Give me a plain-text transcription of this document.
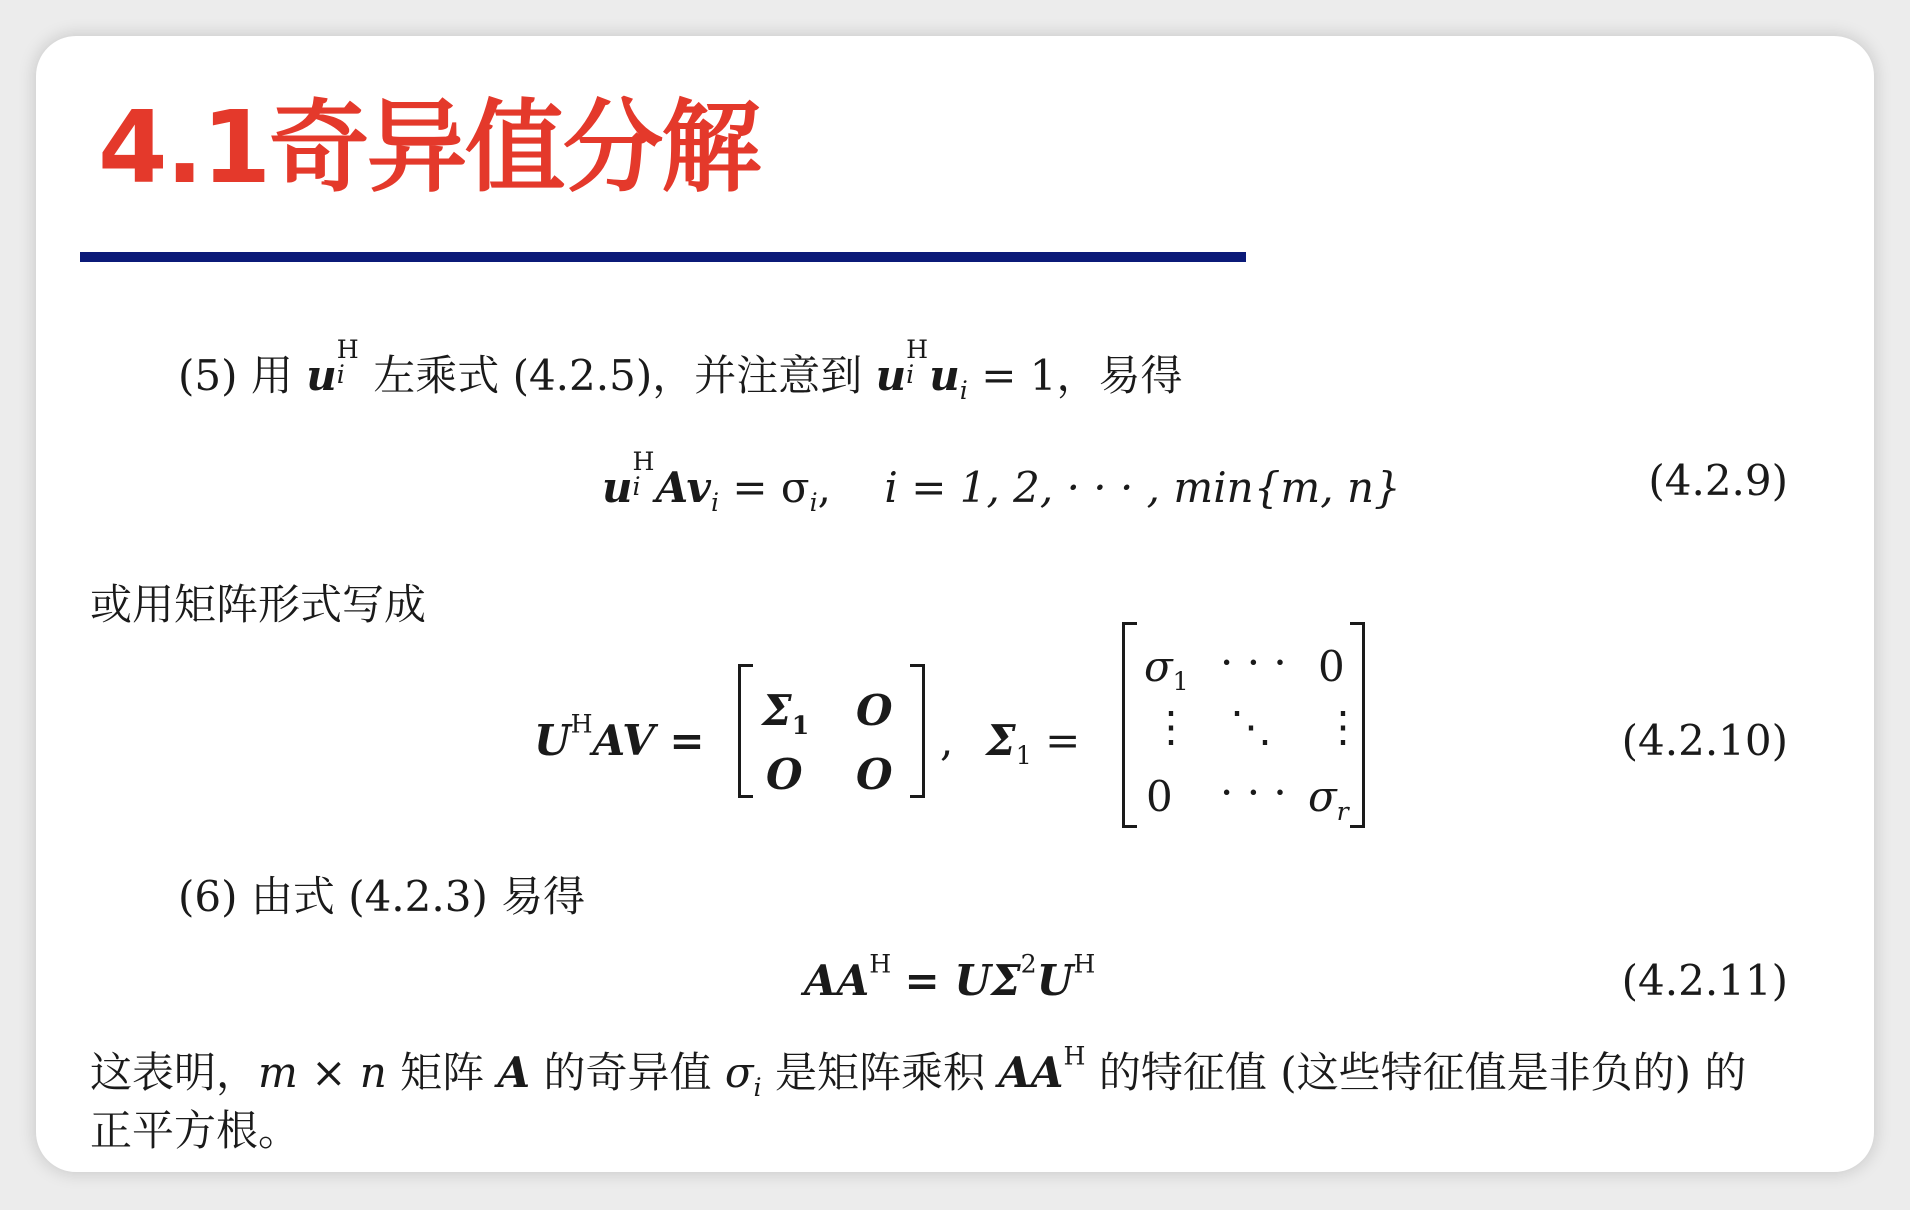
4.1奇异值分解
(5) 用 u
H
i 左乘式 (4.2.5)，并注意到 u
H
i $u_i = 1$，易得
u
H
i $Av_i = \sigma_i$,    i = 1, 2, · · · , min{m, n}	(4.2.9)
或用矩阵形式写成
$U^HAV$ =
$\Sigma_1$ O
O O
, $\Sigma_1$ =
$\sigma_1$ · · · 0
⋮ ⋱ ⋮
0 · · · $\sigma_r$
(4.2.10)
(6) 由式 (4.2.3) 易得
$AA^H = U\Sigma^2U^H$	(4.2.11)
这表明，m × n 矩阵 A 的奇异值 $\sigma_i$ 是矩阵乘积 $AA^H$ 的特征值 (这些特征值是非负的) 的
正平方根。
